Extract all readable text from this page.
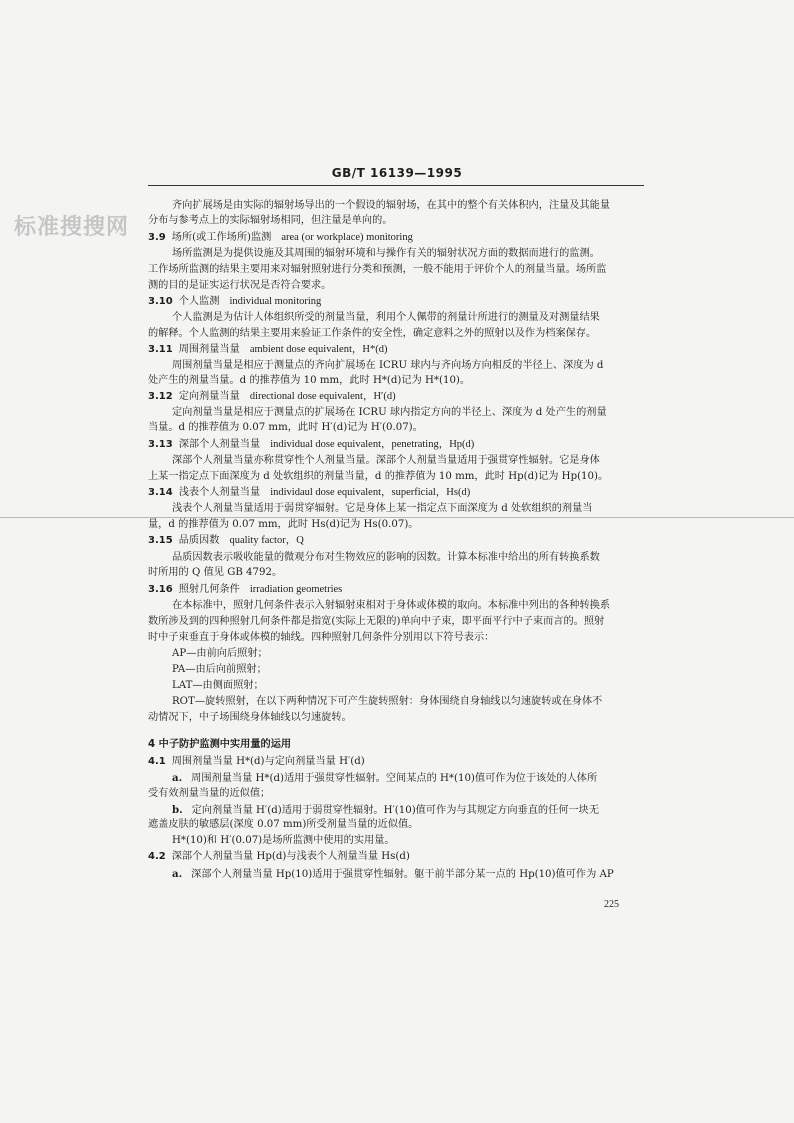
GB/T 16139—1995
标准搜搜网
齐向扩展场是由实际的辐射场导出的一个假设的辐射场，在其中的整个有关体积内，注量及其能量
分布与参考点上的实际辐射场相同，但注量是单向的。
3.9 场所(或工作场所)监测 area (or workplace) monitoring
场所监测是为提供设施及其周围的辐射环境和与操作有关的辐射状况方面的数据而进行的监测。
工作场所监测的结果主要用来对辐射照射进行分类和预测，一般不能用于评价个人的剂量当量。场所监
测的目的是证实运行状况是否符合要求。
3.10 个人监测 individual monitoring
个人监测是为估计人体组织所受的剂量当量，利用个人佩带的剂量计所进行的测量及对测量结果
的解释。个人监测的结果主要用来验证工作条件的安全性，确定意料之外的照射以及作为档案保存。
3.11 周围剂量当量 ambient dose equivalent，H*(d)
周围剂量当量是相应于测量点的齐向扩展场在 ICRU 球内与齐向场方向相反的半径上、深度为 d
处产生的剂量当量。d 的推荐值为 10 mm，此时 H*(d)记为 H*(10)。
3.12 定向剂量当量 directional dose equivalent，H′(d)
定向剂量当量是相应于测量点的扩展场在 ICRU 球内指定方向的半径上、深度为 d 处产生的剂量
当量。d 的推荐值为 0.07 mm，此时 H′(d)记为 H′(0.07)。
3.13 深部个人剂量当量 individual dose equivalent，penetrating，Hp(d)
深部个人剂量当量亦称贯穿性个人剂量当量。深部个人剂量当量适用于强贯穿性辐射。它是身体
上某一指定点下面深度为 d 处软组织的剂量当量，d 的推荐值为 10 mm，此时 Hp(d)记为 Hp(10)。
3.14 浅表个人剂量当量 individaul dose equivalent，superficial，Hs(d)
浅表个人剂量当量适用于弱贯穿辐射。它是身体上某一指定点下面深度为 d 处软组织的剂量当
量，d 的推荐值为 0.07 mm，此时 Hs(d)记为 Hs(0.07)。
3.15 品质因数 quality factor，Q
品质因数表示吸收能量的微观分布对生物效应的影响的因数。计算本标准中给出的所有转换系数
时所用的 Q 值见 GB 4792。
3.16 照射几何条件 irradiation geometries
在本标准中，照射几何条件表示入射辐射束相对于身体或体模的取向。本标准中列出的各种转换系
数所涉及到的四种照射几何条件都是指宽(实际上无限的)单向中子束，即平面平行中子束而言的。照射
时中子束垂直于身体或体模的轴线。四种照射几何条件分别用以下符号表示：
AP—由前向后照射；
PA—由后向前照射；
LAT—由侧面照射；
ROT—旋转照射，在以下两种情况下可产生旋转照射：身体围绕自身轴线以匀速旋转或在身体不
动情况下，中子场围绕身体轴线以匀速旋转。
4 中子防护监测中实用量的运用
4.1 周围剂量当量 H*(d)与定向剂量当量 H′(d)
a. 周围剂量当量 H*(d)适用于强贯穿性辐射。空间某点的 H*(10)值可作为位于该处的人体所
受有效剂量当量的近似值；
b. 定向剂量当量 H′(d)适用于弱贯穿性辐射。H′(10)值可作为与其规定方向垂直的任何一块无
遮盖皮肤的敏感层(深度 0.07 mm)所受剂量当量的近似值。
H*(10)和 H′(0.07)是场所监测中使用的实用量。
4.2 深部个人剂量当量 Hp(d)与浅表个人剂量当量 Hs(d)
a. 深部个人剂量当量 Hp(10)适用于强贯穿性辐射。躯干前半部分某一点的 Hp(10)值可作为 AP
225
